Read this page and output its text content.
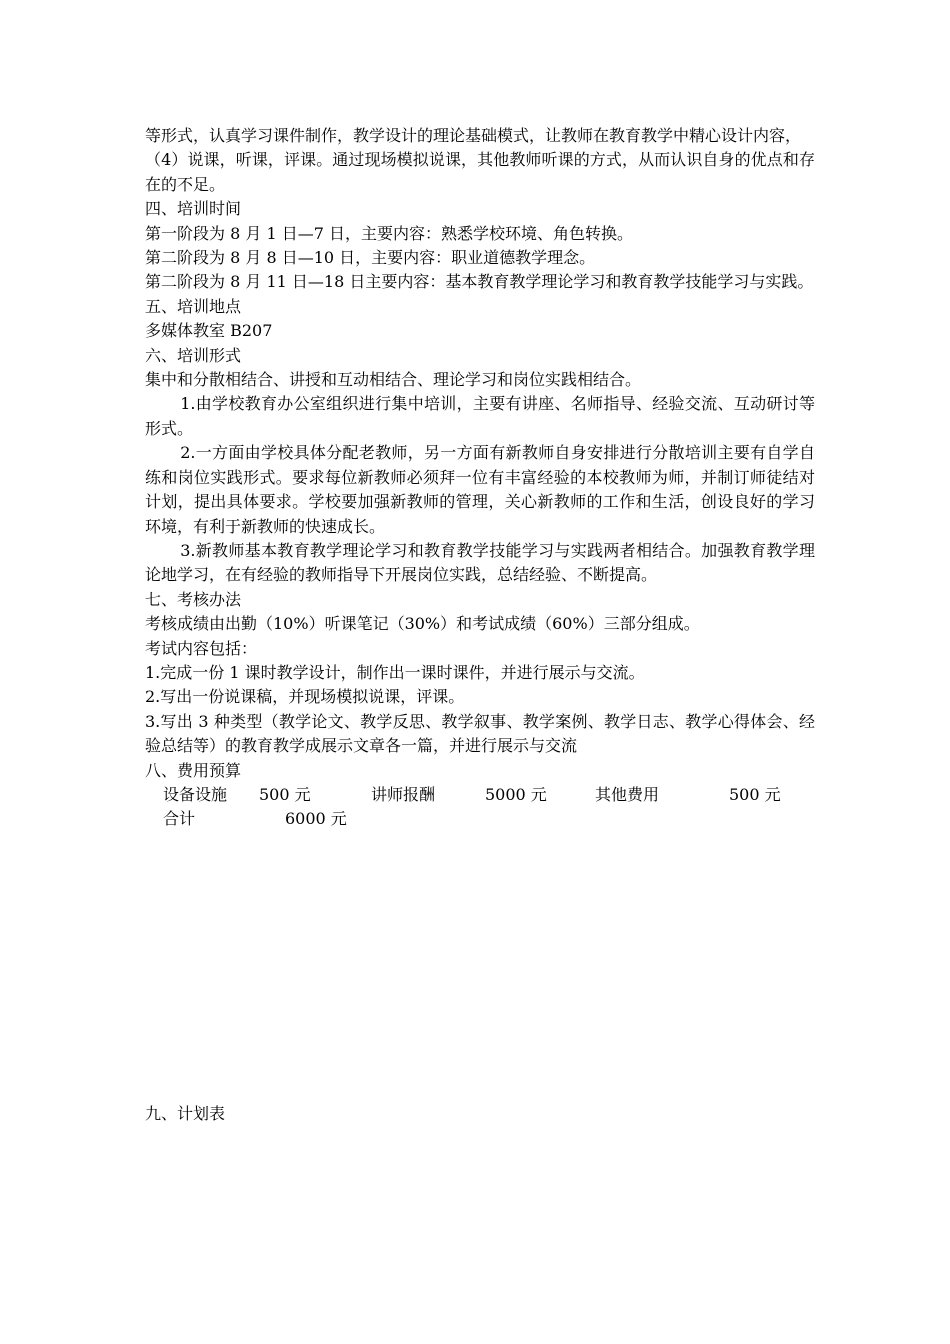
等形式，认真学习课件制作，教学设计的理论基础模式，让教师在教育教学中精心设计内容，

（4）说课，听课，评课。通过现场模拟说课，其他教师听课的方式，从而认识自身的优点和存在的不足。

四、培训时间

第一阶段为 8 月 1 日—7 日，主要内容：熟悉学校环境、角色转换。

第二阶段为 8 月 8 日—10 日，主要内容：职业道德教学理念。

第二阶段为 8 月 11 日—18 日主要内容：基本教育教学理论学习和教育教学技能学习与实践。

五、培训地点

多媒体教室 B207

六、培训形式

集中和分散相结合、讲授和互动相结合、理论学习和岗位实践相结合。

1.由学校教育办公室组织进行集中培训，主要有讲座、名师指导、经验交流、互动研讨等形式。

2.一方面由学校具体分配老教师，另一方面有新教师自身安排进行分散培训主要有自学自练和岗位实践形式。要求每位新教师必须拜一位有丰富经验的本校教师为师，并制订师徒结对计划，提出具体要求。学校要加强新教师的管理，关心新教师的工作和生活，创设良好的学习环境，有利于新教师的快速成长。

3.新教师基本教育教学理论学习和教育教学技能学习与实践两者相结合。加强教育教学理论地学习，在有经验的教师指导下开展岗位实践，总结经验、不断提高。

七、考核办法

考核成绩由出勤（10%）听课笔记（30%）和考试成绩（60%）三部分组成。

考试内容包括：

1.完成一份 1 课时教学设计，制作出一课时课件，并进行展示与交流。

2.写出一份说课稿，并现场模拟说课，评课。

3.写出 3 种类型（教学论文、教学反思、教学叙事、教学案例、教学日志、教学心得体会、经验总结等）的教育教学成展示文章各一篇，并进行展示与交流

八、费用预算

设备设施	500 元	讲师报酬	5000 元	其他费用	500 元
合计	6000 元

九、计划表
